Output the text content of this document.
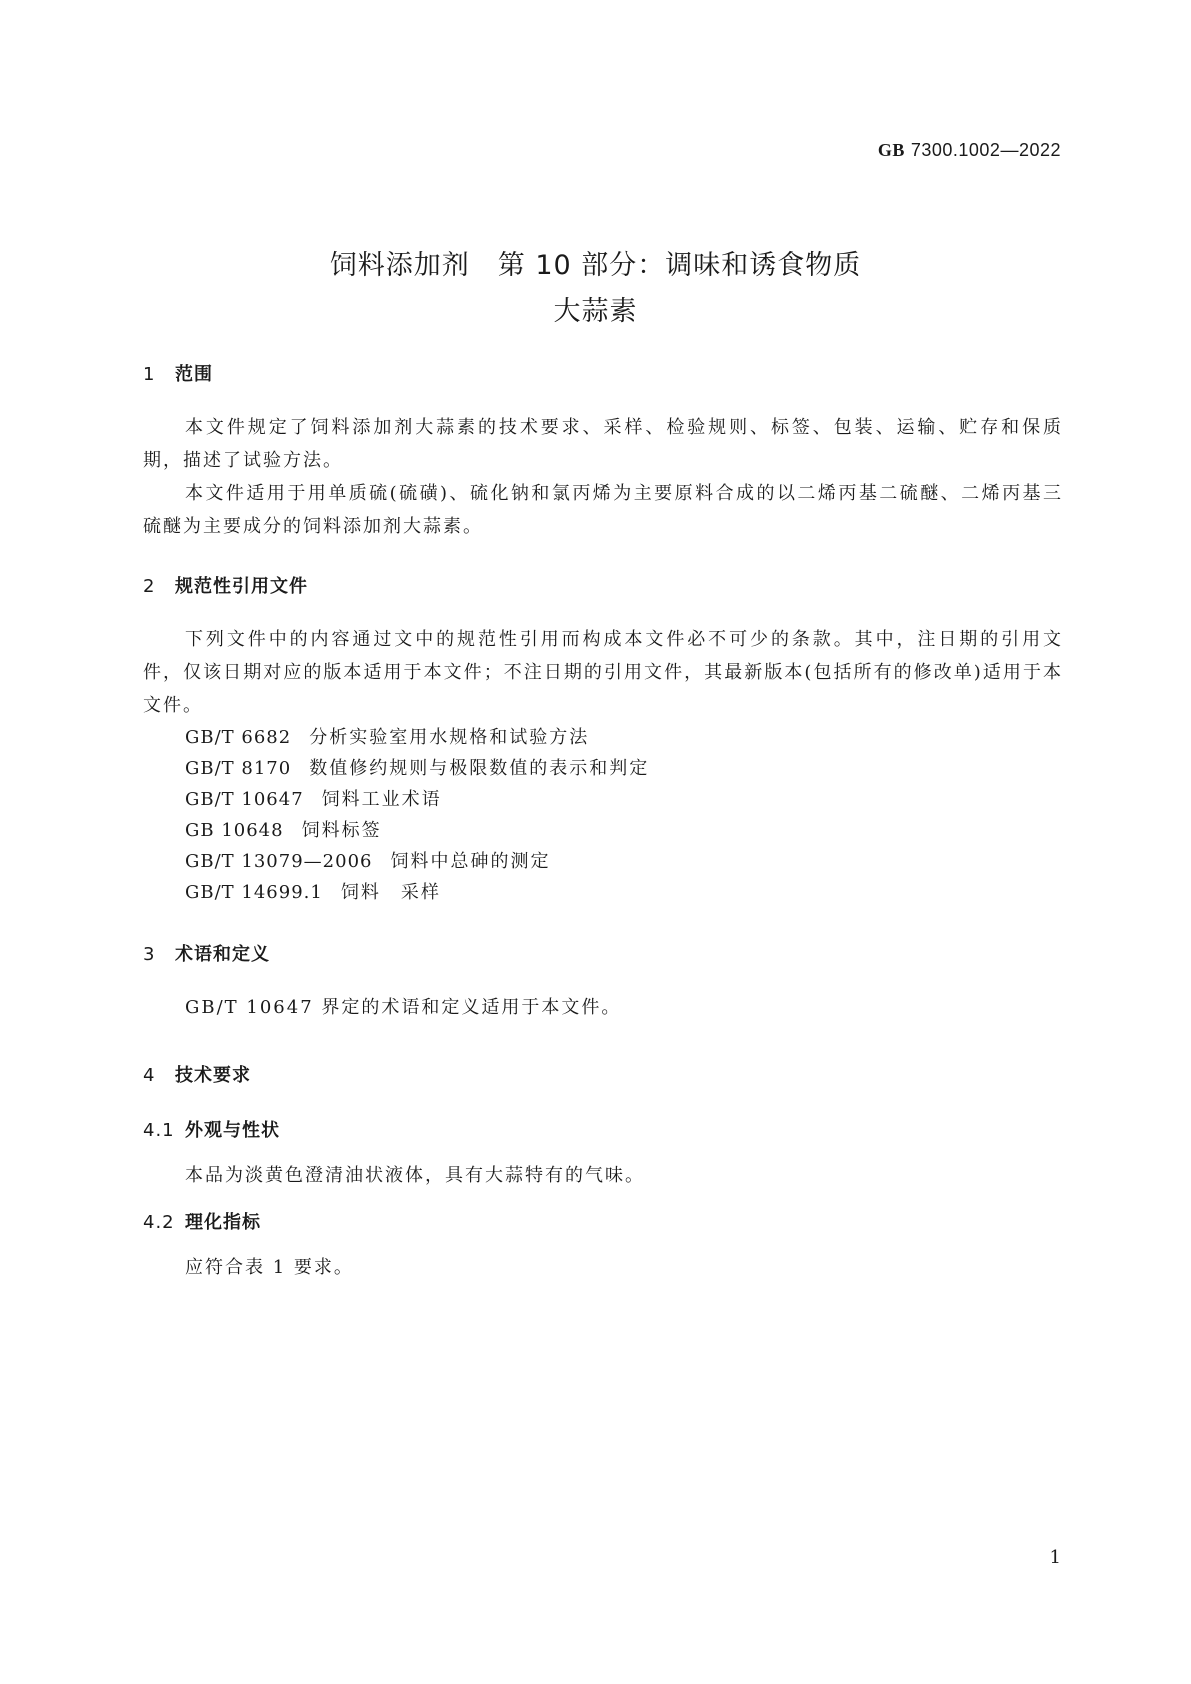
GB 7300.1002—2022
饲料添加剂　第 10 部分：调味和诱食物质
大蒜素
1 范围
本文件规定了饲料添加剂大蒜素的技术要求、采样、检验规则、标签、包装、运输、贮存和保质期，描述了试验方法。
本文件适用于用单质硫(硫磺)、硫化钠和氯丙烯为主要原料合成的以二烯丙基二硫醚、二烯丙基三硫醚为主要成分的饲料添加剂大蒜素。
2 规范性引用文件
下列文件中的内容通过文中的规范性引用而构成本文件必不可少的条款。其中，注日期的引用文件，仅该日期对应的版本适用于本文件；不注日期的引用文件，其最新版本(包括所有的修改单)适用于本文件。
GB/T 6682 分析实验室用水规格和试验方法
GB/T 8170 数值修约规则与极限数值的表示和判定
GB/T 10647 饲料工业术语
GB 10648 饲料标签
GB/T 13079—2006 饲料中总砷的测定
GB/T 14699.1 饲料　采样
3 术语和定义
GB/T 10647 界定的术语和定义适用于本文件。
4 技术要求
4.1 外观与性状
本品为淡黄色澄清油状液体，具有大蒜特有的气味。
4.2 理化指标
应符合表 1 要求。
1
